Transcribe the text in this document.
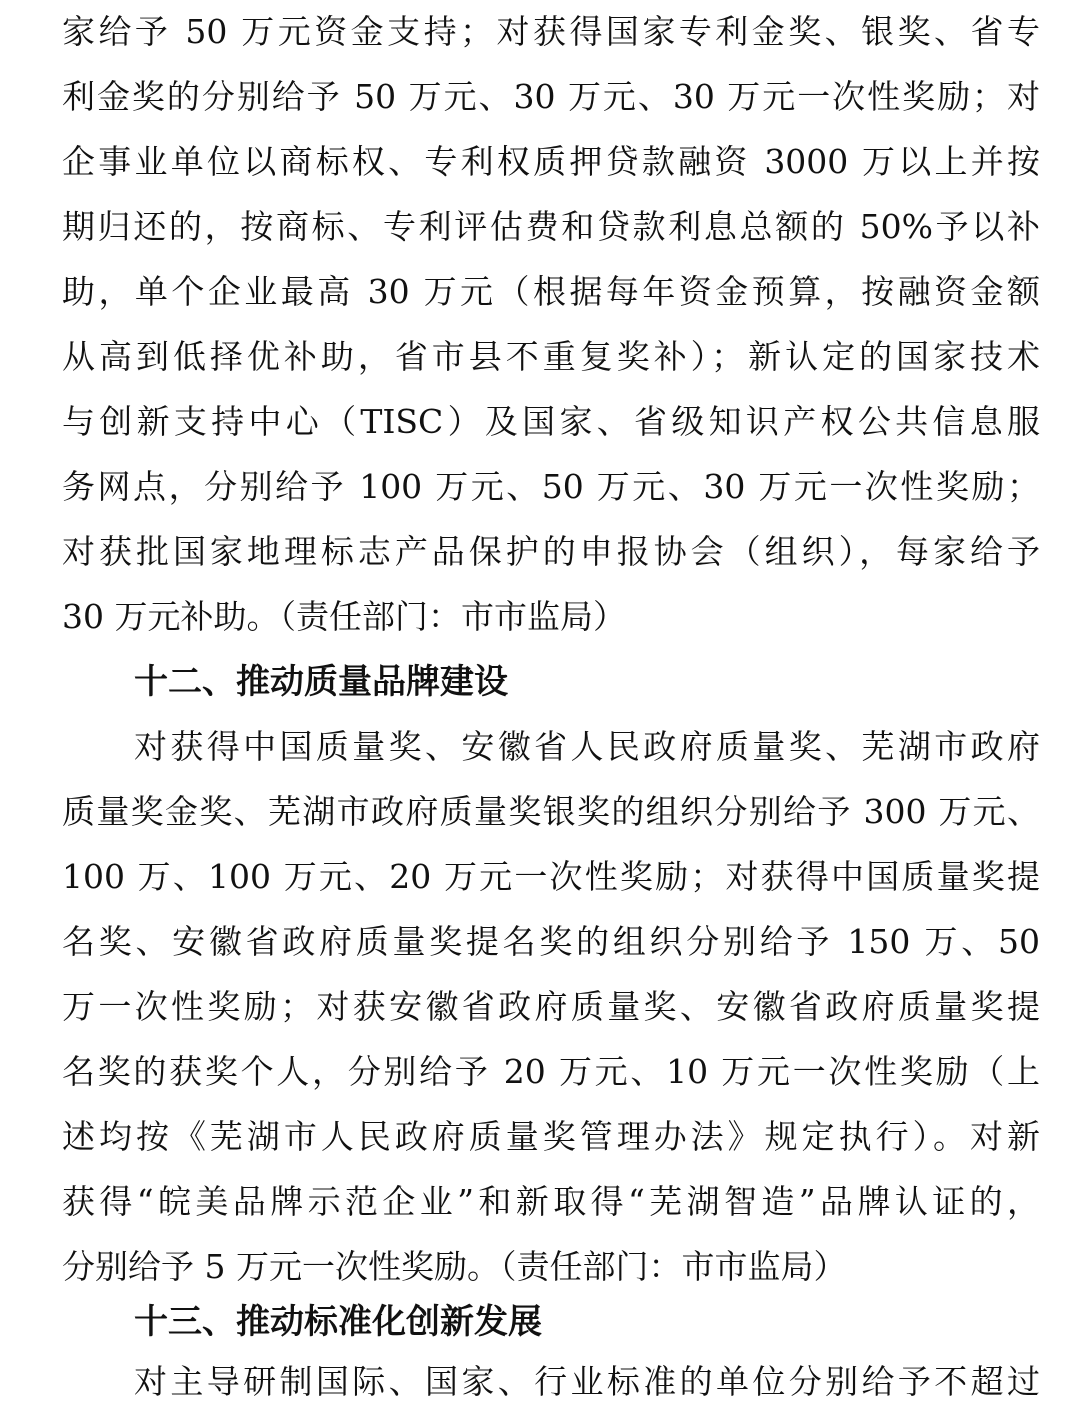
家给予 50 万元资金支持；对获得国家专利金奖、银奖、省专
利金奖的分别给予 50 万元、30 万元、30 万元一次性奖励；对
企事业单位以商标权、专利权质押贷款融资 3000 万以上并按
期归还的，按商标、专利评估费和贷款利息总额的 50%予以补
助，单个企业最高 30 万元（根据每年资金预算，按融资金额
从高到低择优补助，省市县不重复奖补）；新认定的国家技术
与创新支持中心（TISC）及国家、省级知识产权公共信息服
务网点，分别给予 100 万元、50 万元、30 万元一次性奖励；
对获批国家地理标志产品保护的申报协会（组织），每家给予
30 万元补助。（责任部门：市市监局）
十二、推动质量品牌建设
对获得中国质量奖、安徽省人民政府质量奖、芜湖市政府
质量奖金奖、芜湖市政府质量奖银奖的组织分别给予 300 万元、
100 万、100 万元、20 万元一次性奖励；对获得中国质量奖提
名奖、安徽省政府质量奖提名奖的组织分别给予 150 万、50
万一次性奖励；对获安徽省政府质量奖、安徽省政府质量奖提
名奖的获奖个人，分别给予 20 万元、10 万元一次性奖励（上
述均按《芜湖市人民政府质量奖管理办法》规定执行）。对新
获得“皖美品牌示范企业”和新取得“芜湖智造”品牌认证的，
分别给予 5 万元一次性奖励。（责任部门：市市监局）
十三、推动标准化创新发展
对主导研制国际、国家、行业标准的单位分别给予不超过
